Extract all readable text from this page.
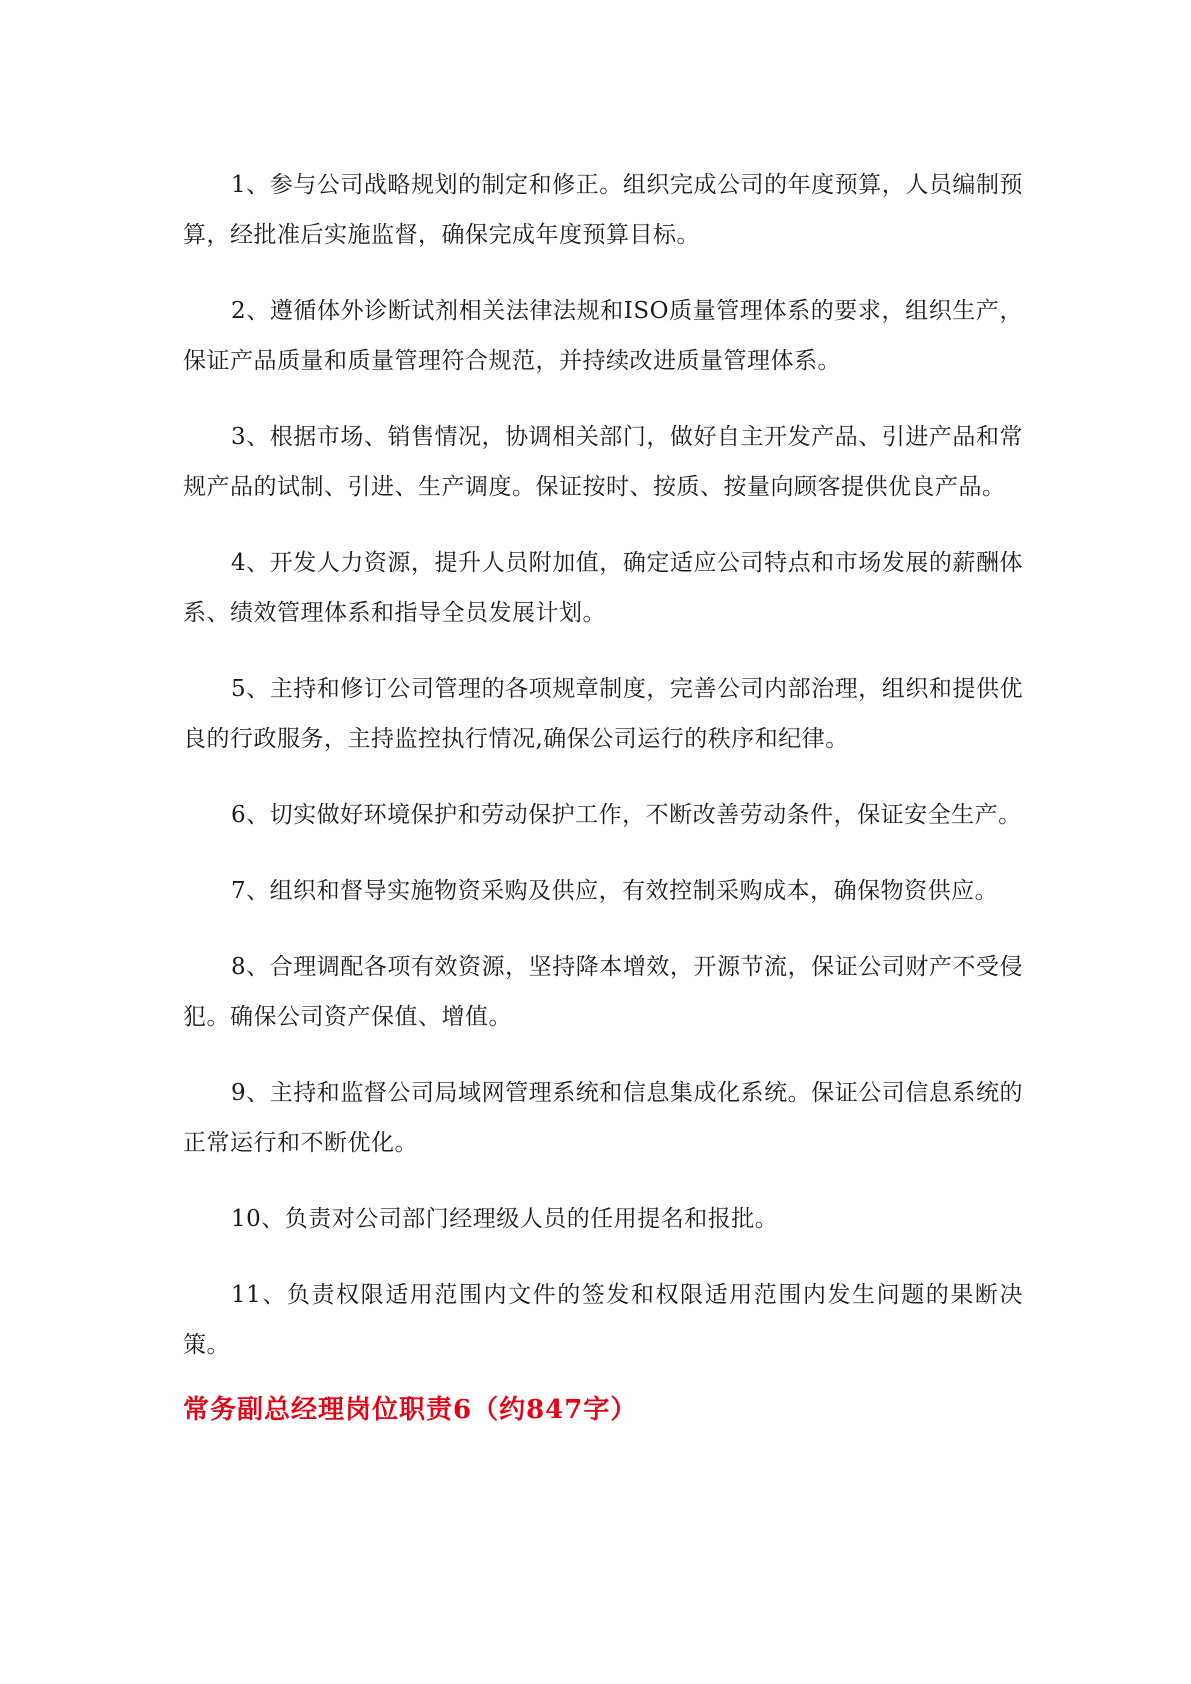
1、参与公司战略规划的制定和修正。组织完成公司的年度预算，人员编制预算，经批准后实施监督，确保完成年度预算目标。

2、遵循体外诊断试剂相关法律法规和ISO质量管理体系的要求，组织生产，保证产品质量和质量管理符合规范，并持续改进质量管理体系。

3、根据市场、销售情况，协调相关部门，做好自主开发产品、引进产品和常规产品的试制、引进、生产调度。保证按时、按质、按量向顾客提供优良产品。

4、开发人力资源，提升人员附加值，确定适应公司特点和市场发展的薪酬体系、绩效管理体系和指导全员发展计划。

5、主持和修订公司管理的各项规章制度，完善公司内部治理，组织和提供优良的行政服务，主持监控执行情况,确保公司运行的秩序和纪律。

6、切实做好环境保护和劳动保护工作，不断改善劳动条件，保证安全生产。

7、组织和督导实施物资采购及供应，有效控制采购成本，确保物资供应。

8、合理调配各项有效资源，坚持降本增效，开源节流，保证公司财产不受侵犯。确保公司资产保值、增值。

9、主持和监督公司局域网管理系统和信息集成化系统。保证公司信息系统的正常运行和不断优化。

10、负责对公司部门经理级人员的任用提名和报批。

11、负责权限适用范围内文件的签发和权限适用范围内发生问题的果断决策。

常务副总经理岗位职责6（约847字）
